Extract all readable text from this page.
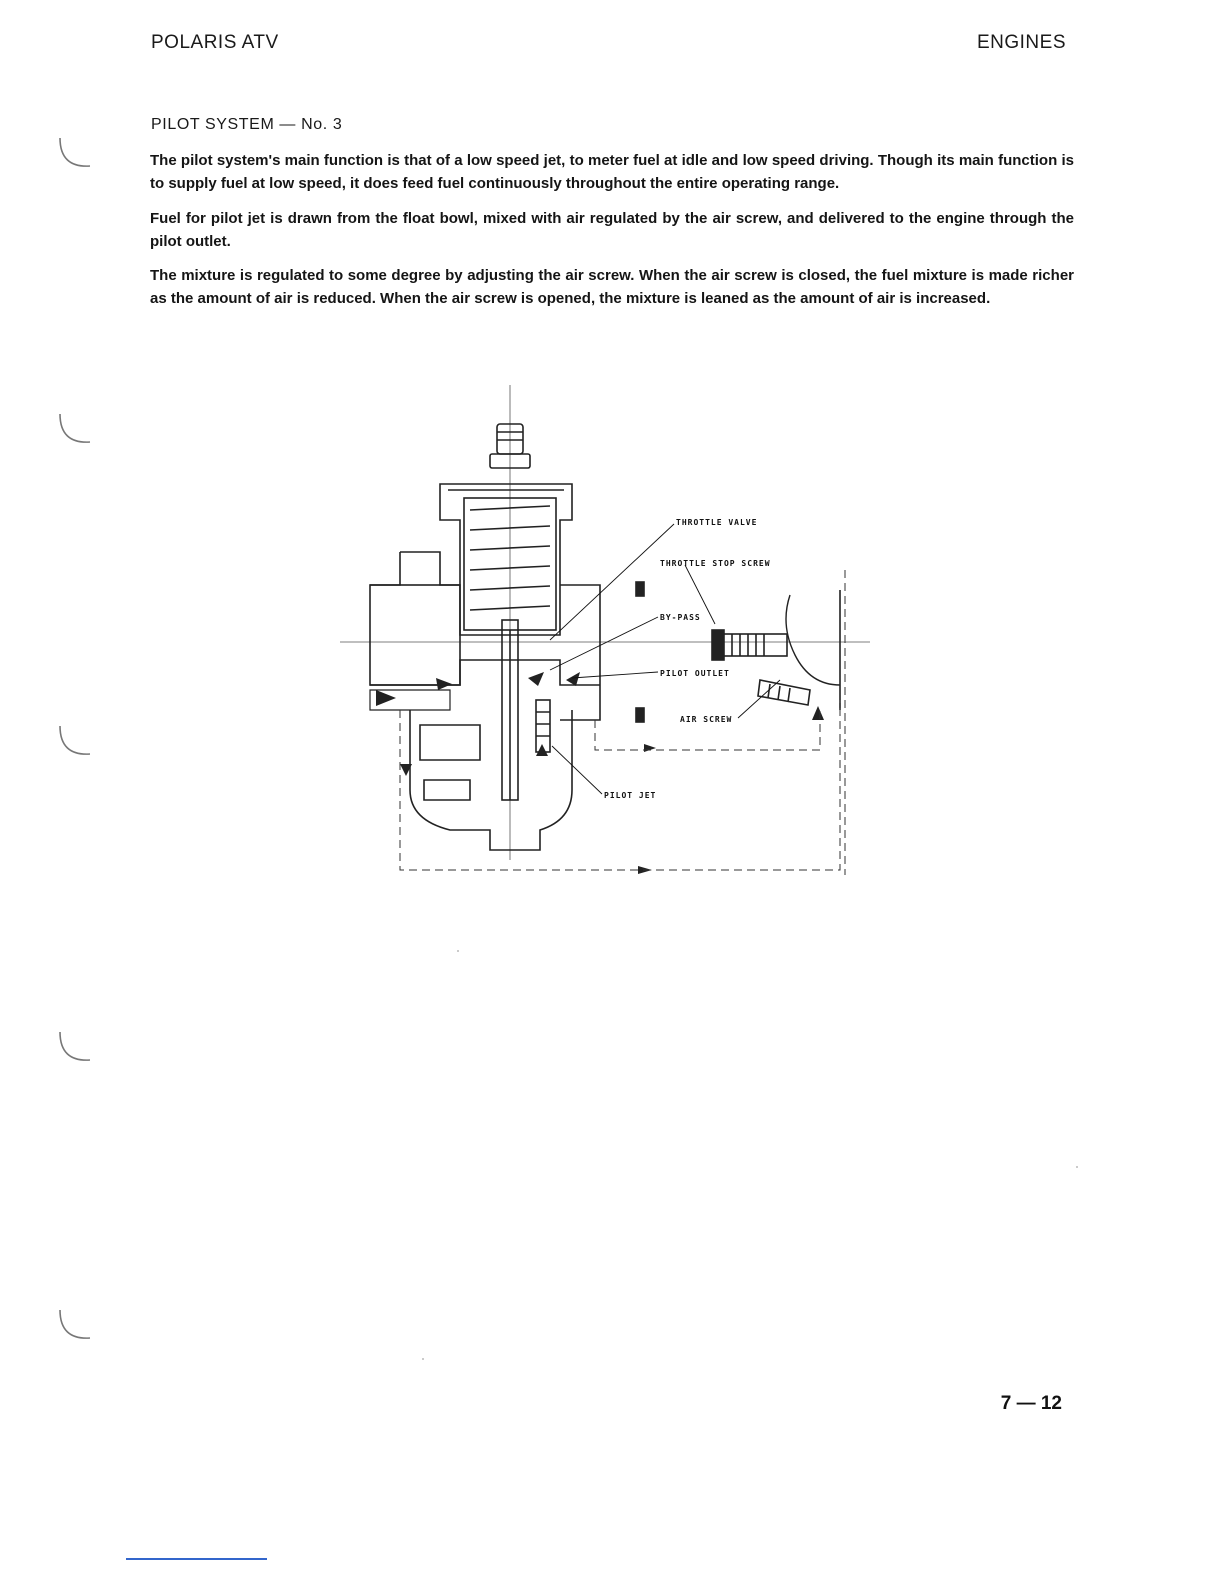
POLARIS ATV	ENGINES
PILOT SYSTEM — No. 3

The pilot system's main function is that of a low speed jet, to meter fuel at idle and low speed driving. Though its main function is to supply fuel at low speed, it does feed fuel continuously throughout the entire operating range.

Fuel for pilot jet is drawn from the float bowl, mixed with air regulated by the air screw, and delivered to the engine through the pilot outlet.

The mixture is regulated to some degree by adjusting the air screw. When the air screw is closed, the fuel mixture is made richer as the amount of air is reduced. When the air screw is opened, the mixture is leaned as the amount of air is increased.

THROTTLE VALVE
THROTTLE STOP SCREW
BY-PASS
PILOT OUTLET
AIR SCREW
PILOT JET
7 — 12
